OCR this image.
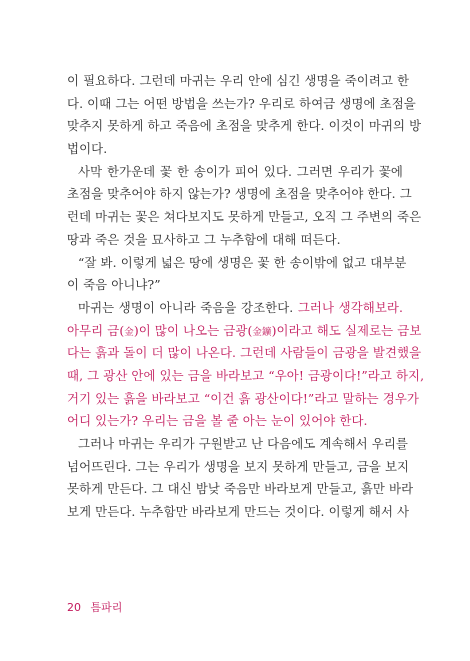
이 필요하다. 그런데 마귀는 우리 안에 심긴 생명을 죽이려고 한
다. 이때 그는 어떤 방법을 쓰는가? 우리로 하여금 생명에 초점을
맞추지 못하게 하고 죽음에 초점을 맞추게 한다. 이것이 마귀의 방
법이다.
사막 한가운데 꽃 한 송이가 피어 있다. 그러면 우리가 꽃에
초점을 맞추어야 하지 않는가? 생명에 초점을 맞추어야 한다. 그
런데 마귀는 꽃은 쳐다보지도 못하게 만들고, 오직 그 주변의 죽은
땅과 죽은 것을 묘사하고 그 누추함에 대해 떠든다.
“잘 봐. 이렇게 넓은 땅에 생명은 꽃 한 송이밖에 없고 대부분
이 죽음 아니냐?”
마귀는 생명이 아니라 죽음을 강조한다. 그러나 생각해보라.
아무리 금(金)이 많이 나오는 금광(金鑛)이라고 해도 실제로는 금보
다는 흙과 돌이 더 많이 나온다. 그런데 사람들이 금광을 발견했을
때, 그 광산 안에 있는 금을 바라보고 “우아! 금광이다!”라고 하지,
거기 있는 흙을 바라보고 “이건 흙 광산이다!”라고 말하는 경우가
어디 있는가? 우리는 금을 볼 줄 아는 눈이 있어야 한다.
그러나 마귀는 우리가 구원받고 난 다음에도 계속해서 우리를
넘어뜨린다. 그는 우리가 생명을 보지 못하게 만들고, 금을 보지
못하게 만든다. 그 대신 밤낮 죽음만 바라보게 만들고, 흙만 바라
보게 만든다. 누추함만 바라보게 만드는 것이다. 이렇게 해서 사
20 틈파리
